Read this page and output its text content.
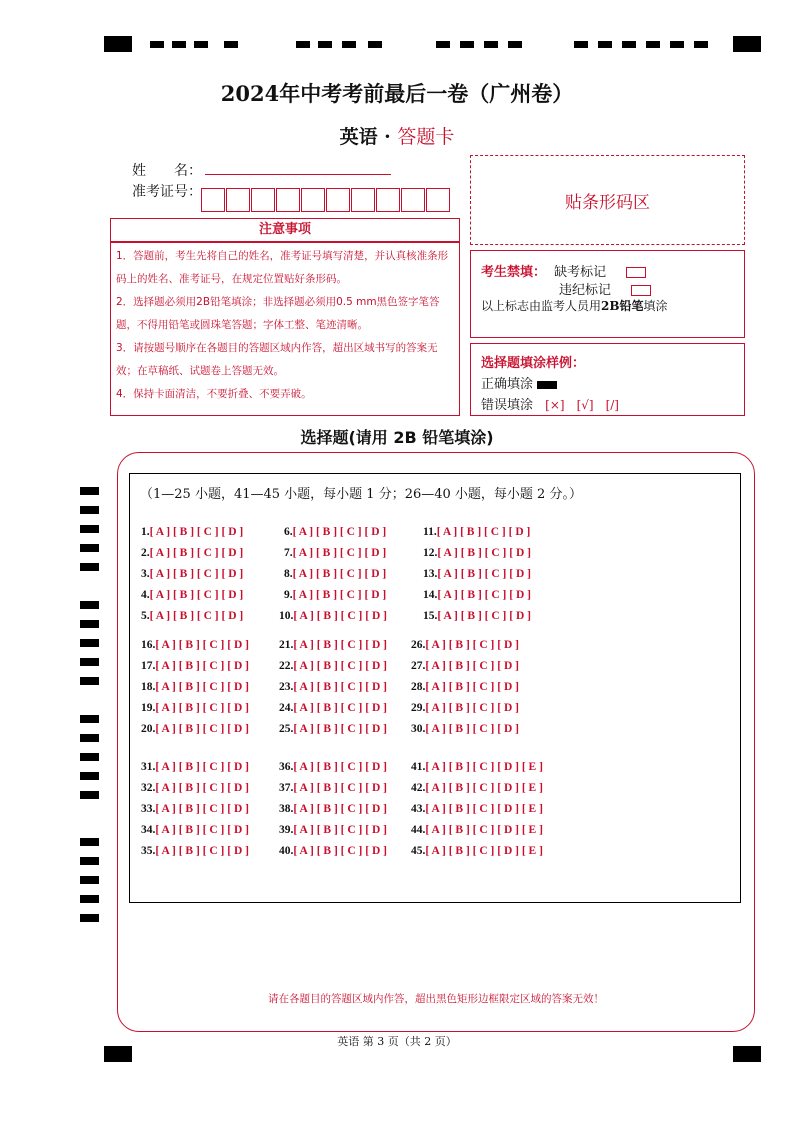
2024年中考考前最后一卷（广州卷）
英语 · 答题卡
姓　　名：
准考证号：
贴条形码区
注意事项
1．答题前，考生先将自己的姓名，准考证号填写清楚，并认真核准条形码上的姓名、准考证号，在规定位置贴好条形码。
2．选择题必须用2B铅笔填涂；非选择题必须用0.5 mm黑色签字笔答题，不得用铅笔或圆珠笔答题；字体工整、笔迹清晰。
3．请按题号顺序在各题目的答题区域内作答，超出区域书写的答案无效；在草稿纸、试题卷上答题无效。
4．保持卡面清洁，不要折叠、不要弄破。
考生禁填： 缺考标记
违纪标记
以上标志由监考人员用2B铅笔填涂
选择题填涂样例：
正确填涂
错误填涂 [×]　[√]　[/]
选择题(请用 2B 铅笔填涂)
（1—25 小题，41—45 小题，每小题 1 分；26—40 小题，每小题 2 分。）
1.[ A ] [ B ] [ C ] [ D ]
2.[ A ] [ B ] [ C ] [ D ]
3.[ A ] [ B ] [ C ] [ D ]
4.[ A ] [ B ] [ C ] [ D ]
5.[ A ] [ B ] [ C ] [ D ]
6.[ A ] [ B ] [ C ] [ D ]
7.[ A ] [ B ] [ C ] [ D ]
8.[ A ] [ B ] [ C ] [ D ]
9.[ A ] [ B ] [ C ] [ D ]
10.[ A ] [ B ] [ C ] [ D ]
11.[ A ] [ B ] [ C ] [ D ]
12.[ A ] [ B ] [ C ] [ D ]
13.[ A ] [ B ] [ C ] [ D ]
14.[ A ] [ B ] [ C ] [ D ]
15.[ A ] [ B ] [ C ] [ D ]
16.[ A ] [ B ] [ C ] [ D ]
17.[ A ] [ B ] [ C ] [ D ]
18.[ A ] [ B ] [ C ] [ D ]
19.[ A ] [ B ] [ C ] [ D ]
20.[ A ] [ B ] [ C ] [ D ]
21.[ A ] [ B ] [ C ] [ D ]
22.[ A ] [ B ] [ C ] [ D ]
23.[ A ] [ B ] [ C ] [ D ]
24.[ A ] [ B ] [ C ] [ D ]
25.[ A ] [ B ] [ C ] [ D ]
26.[ A ] [ B ] [ C ] [ D ]
27.[ A ] [ B ] [ C ] [ D ]
28.[ A ] [ B ] [ C ] [ D ]
29.[ A ] [ B ] [ C ] [ D ]
30.[ A ] [ B ] [ C ] [ D ]
31.[ A ] [ B ] [ C ] [ D ]
32.[ A ] [ B ] [ C ] [ D ]
33.[ A ] [ B ] [ C ] [ D ]
34.[ A ] [ B ] [ C ] [ D ]
35.[ A ] [ B ] [ C ] [ D ]
36.[ A ] [ B ] [ C ] [ D ]
37.[ A ] [ B ] [ C ] [ D ]
38.[ A ] [ B ] [ C ] [ D ]
39.[ A ] [ B ] [ C ] [ D ]
40.[ A ] [ B ] [ C ] [ D ]
41.[ A ] [ B ] [ C ] [ D ] [ E ]
42.[ A ] [ B ] [ C ] [ D ] [ E ]
43.[ A ] [ B ] [ C ] [ D ] [ E ]
44.[ A ] [ B ] [ C ] [ D ] [ E ]
45.[ A ] [ B ] [ C ] [ D ] [ E ]
请在各题目的答题区域内作答，超出黑色矩形边框限定区域的答案无效！
英语 第 3 页（共 2 页）
